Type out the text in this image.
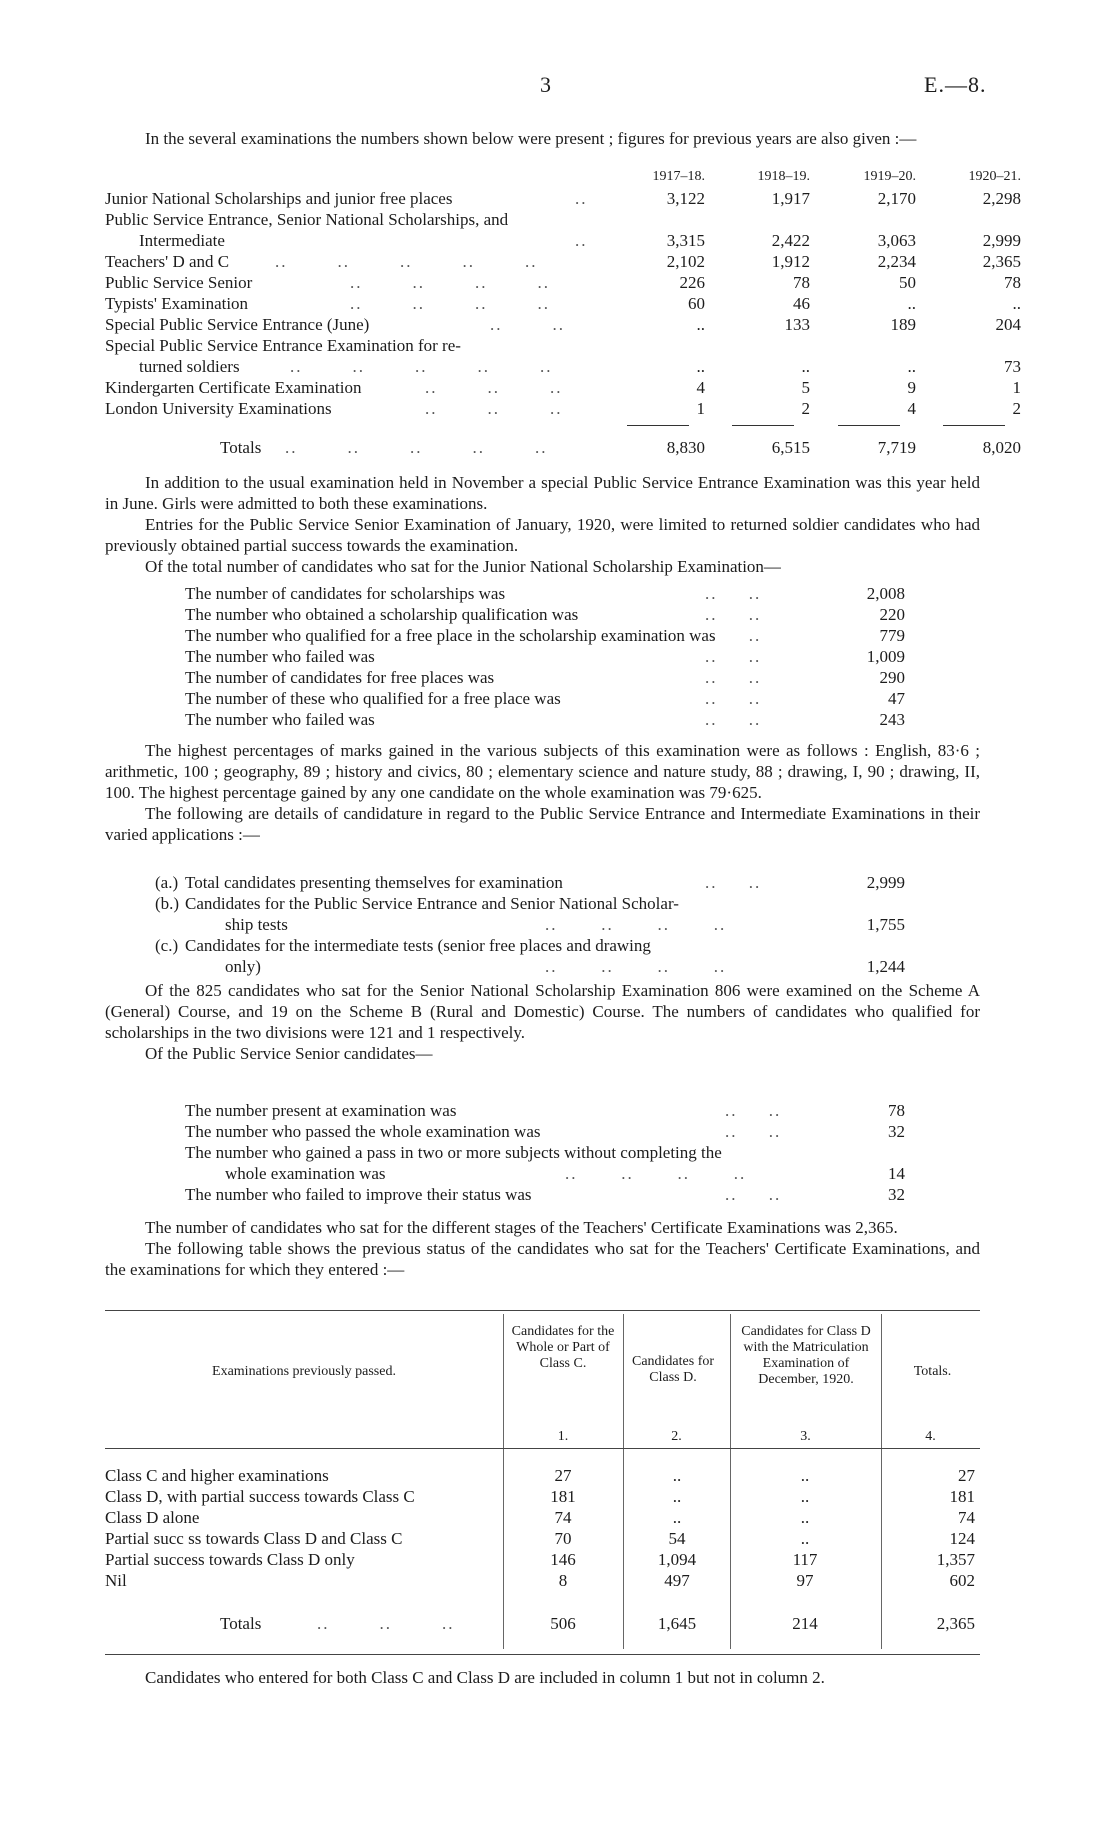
3	E.—8.

In the several examinations the numbers shown below were present ; figures for previous years are also given :—

1917–18.	1918–19.	1919–20.	1920–21.
Junior National Scholarships and junior free places	..	3,122	1,917	2,170	2,298
Public Service Entrance, Senior National Scholarships, and
Intermediate	..	3,315	2,422	3,063	2,999
Teachers' D and C	..        ..        ..        ..        ..	2,102	1,912	2,234	2,365
Public Service Senior	..        ..        ..        ..	226	78	50	78
Typists' Examination	..        ..        ..        ..	60	46	..	..
Special Public Service Entrance (June)	..        ..	..	133	189	204
Special Public Service Entrance Examination for re-
turned soldiers	..        ..        ..        ..        ..	..	..	..	73
Kindergarten Certificate Examination	..        ..        ..	4	5	9	1
London University Examinations	..        ..        ..	1	2	4	2
Totals ..        ..        ..        ..        ..	8,830	6,515	7,719	8,020

In addition to the usual examination held in November a special Public Service Entrance Examination was this year held in June. Girls were admitted to both these examinations.

Entries for the Public Service Senior Examination of January, 1920, were limited to returned soldier candidates who had previously obtained partial success towards the examination.

Of the total number of candidates who sat for the Junior National Scholarship Examination—

The number of candidates for scholarships was	..     ..	2,008
The number who obtained a scholarship qualification was	..     ..	220
The number who qualified for a free place in the scholarship examination was
..     ..	779
The number who failed was	..     ..	1,009
The number of candidates for free places was	..     ..	290
The number of these who qualified for a free place was	..     ..	47
The number who failed was	..     ..	243

The highest percentages of marks gained in the various subjects of this examination were as follows : English, 83·6 ; arithmetic, 100 ; geography, 89 ; history and civics, 80 ; elementary science and nature study, 88 ; drawing, I, 90 ; drawing, II, 100. The highest percentage gained by any one candidate on the whole examination was 79·625.

The following are details of candidature in regard to the Public Service Entrance and Intermediate Examinations in their varied applications :—

(a.) Total candidates presenting themselves for examination	..     ..	2,999
(b.) Candidates for the Public Service Entrance and Senior National Scholar-
ship tests	..       ..       ..       ..	1,755
(c.) Candidates for the intermediate tests (senior free places and drawing
only)	..       ..       ..       ..	1,244

Of the 825 candidates who sat for the Senior National Scholarship Examination 806 were examined on the Scheme A (General) Course, and 19 on the Scheme B (Rural and Domestic) Course. The numbers of candidates who qualified for scholarships in the two divisions were 121 and 1 respectively.

Of the Public Service Senior candidates—

The number present at examination was	..     ..	78
The number who passed the whole examination was	..     ..	32
The number who gained a pass in two or more subjects without completing the
whole examination was	..       ..       ..       ..	14
The number who failed to improve their status was	..     ..	32

The number of candidates who sat for the different stages of the Teachers' Certificate Examinations was 2,365.

The following table shows the previous status of the candidates who sat for the Teachers' Certificate Examinations, and the examinations for which they entered :—

Examinations previously passed.
Candidates for the Whole or Part of Class C.	Candidates for Class D.
Candidates for Class D with the Matriculation Examination of December, 1920.
Totals.
1.	2.	3.	4.
Class C and higher examinations	27	..	..	27
Class D, with partial success towards Class C	181	..	..	181
Class D alone	74	..	..	74
Partial succ ss towards Class D and Class C	70	54	..	124
Partial success towards Class D only	146	1,094	117	1,357
Nil	8	497	97	602
Totals	..        ..        ..	506	1,645	214	2,365

Candidates who entered for both Class C and Class D are included in column 1 but not in column 2.
